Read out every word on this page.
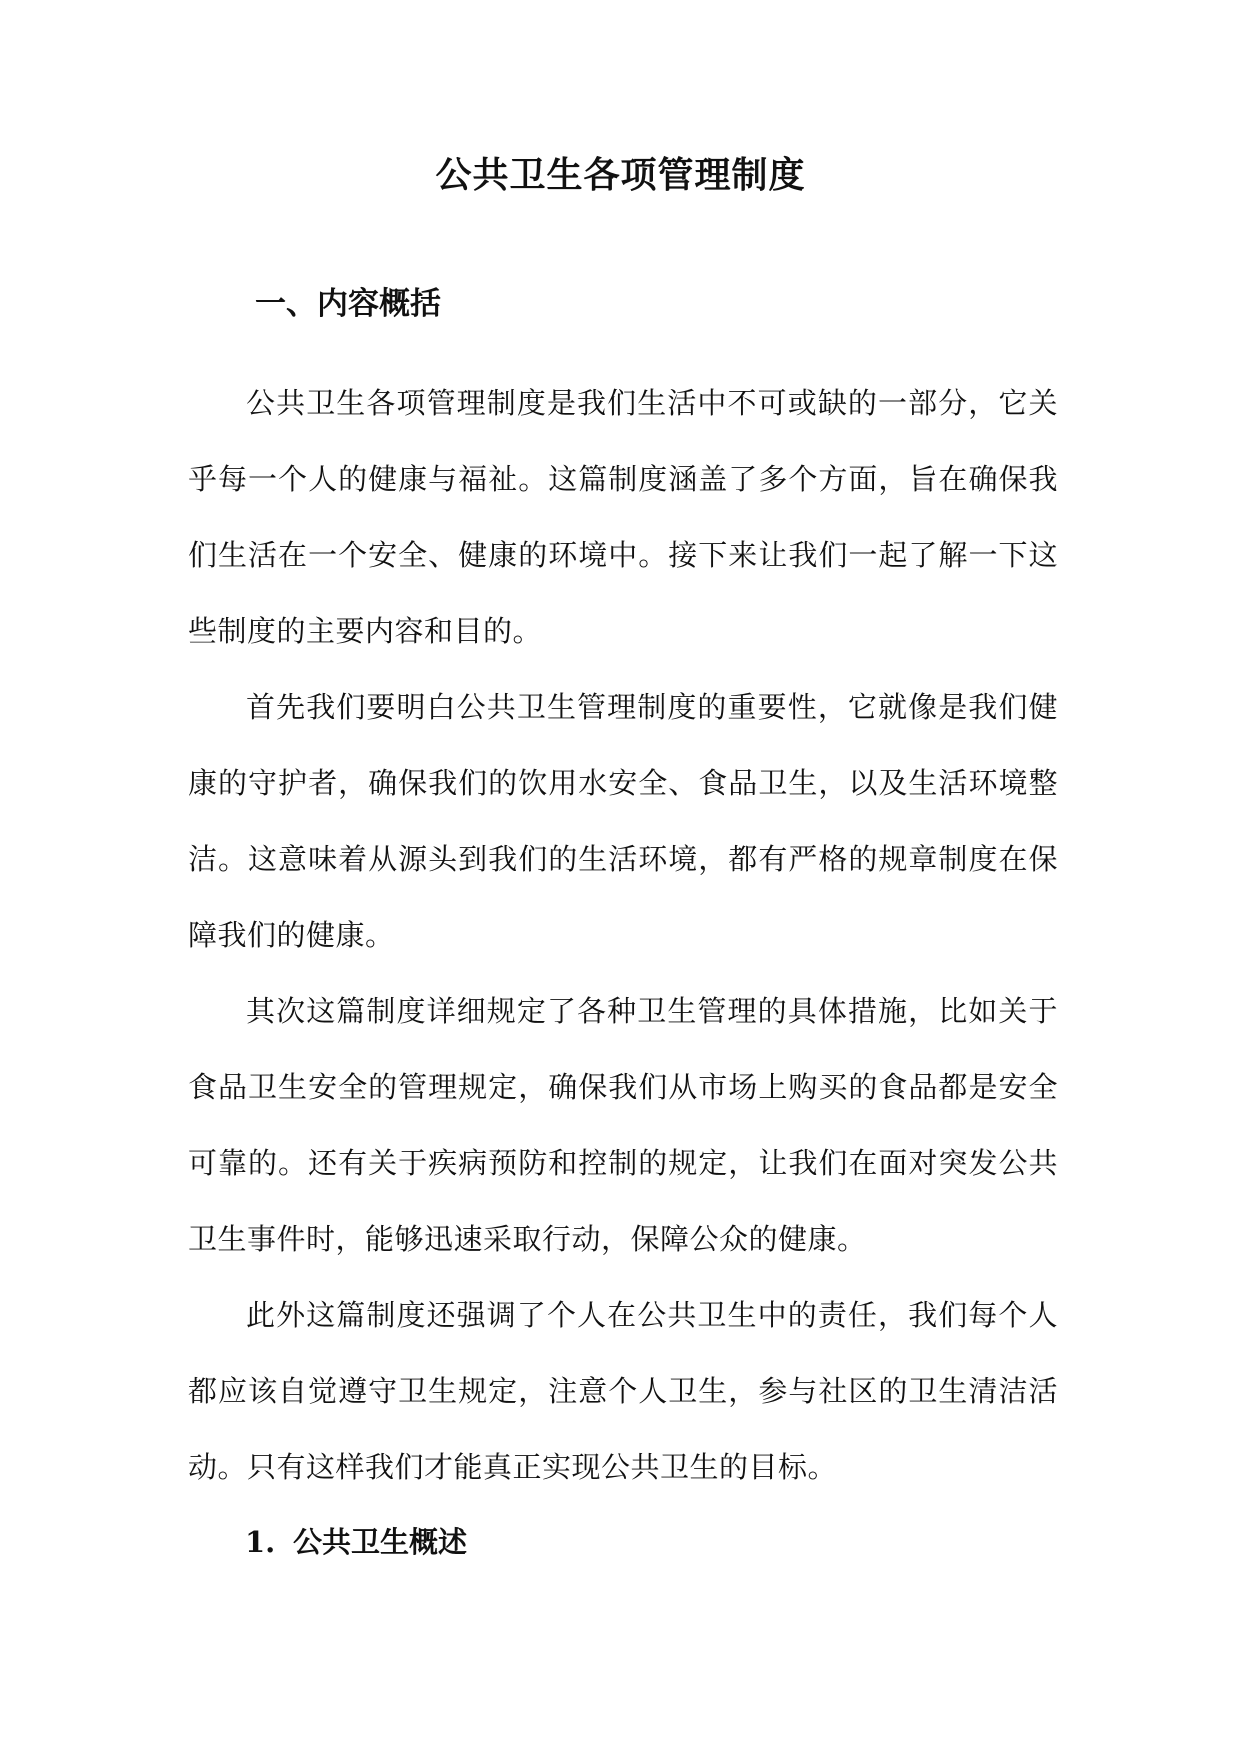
公共卫生各项管理制度
一、内容概括

公共卫生各项管理制度是我们生活中不可或缺的一部分，它关乎每一个人的健康与福祉。这篇制度涵盖了多个方面，旨在确保我们生活在一个安全、健康的环境中。接下来让我们一起了解一下这些制度的主要内容和目的。

首先我们要明白公共卫生管理制度的重要性，它就像是我们健康的守护者，确保我们的饮用水安全、食品卫生，以及生活环境整洁。这意味着从源头到我们的生活环境，都有严格的规章制度在保障我们的健康。

其次这篇制度详细规定了各种卫生管理的具体措施，比如关于食品卫生安全的管理规定，确保我们从市场上购买的食品都是安全可靠的。还有关于疾病预防和控制的规定，让我们在面对突发公共卫生事件时，能够迅速采取行动，保障公众的健康。

此外这篇制度还强调了个人在公共卫生中的责任，我们每个人都应该自觉遵守卫生规定，注意个人卫生，参与社区的卫生清洁活动。只有这样我们才能真正实现公共卫生的目标。

1. 公共卫生概述
